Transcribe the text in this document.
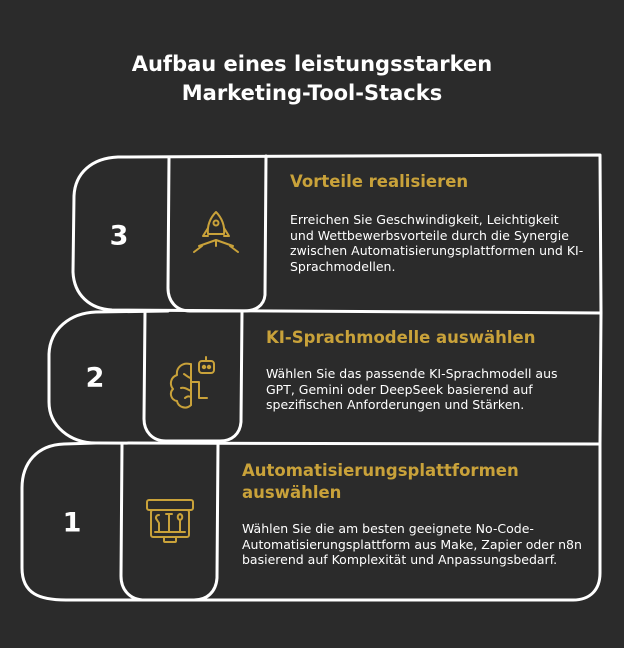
Aufbau eines leistungsstarken
Marketing-Tool-Stacks
3
Vorteile realisieren
Erreichen Sie Geschwindigkeit, Leichtigkeit und Wettbewerbsvorteile durch die Synergie zwischen Automatisierungsplattformen und KI-Sprachmodellen.
2
KI-Sprachmodelle auswählen
Wählen Sie das passende KI-Sprachmodell aus GPT, Gemini oder DeepSeek basierend auf spezifischen Anforderungen und Stärken.
1
Automatisierungsplattformen auswählen
Wählen Sie die am besten geeignete No-Code-Automatisierungsplattform aus Make, Zapier oder n8n basierend auf Komplexität und Anpassungsbedarf.
